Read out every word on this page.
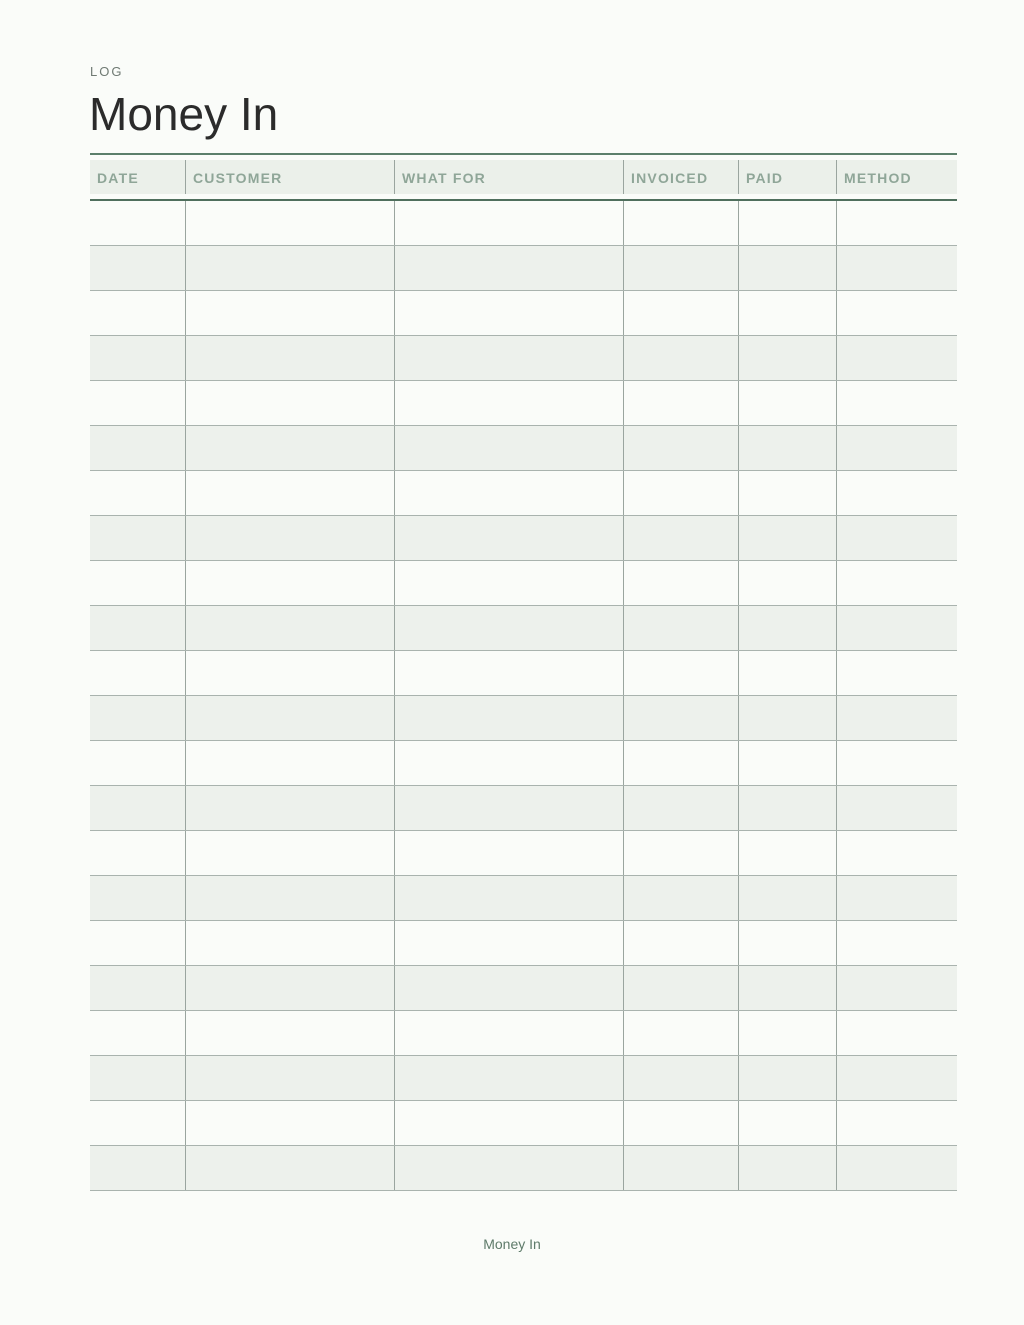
LOG
Money In
DATE	CUSTOMER	WHAT FOR	INVOICED	PAID	METHOD
Money In
